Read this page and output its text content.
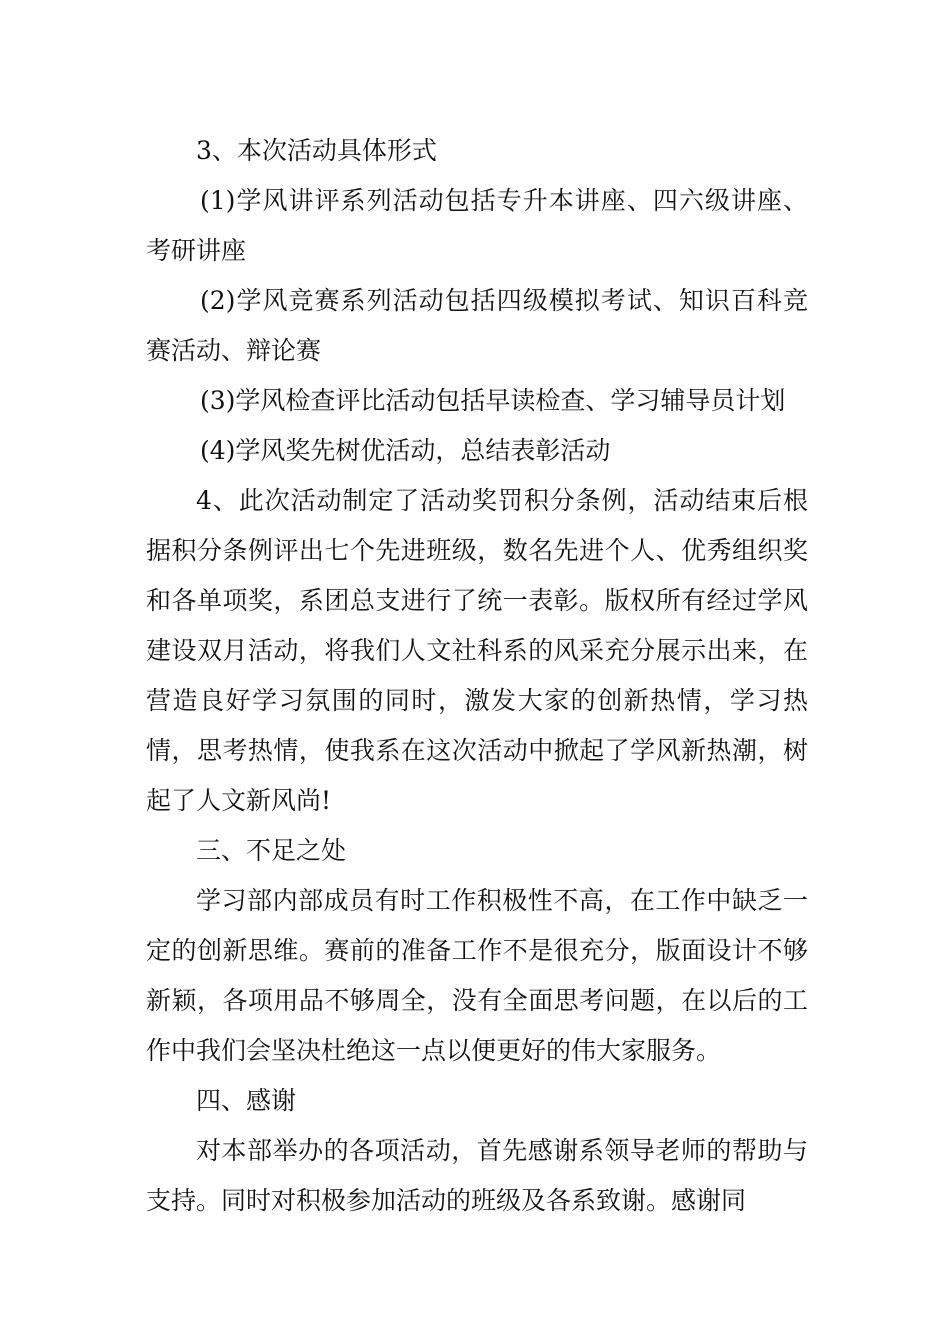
3、本次活动具体形式

(1)学风讲评系列活动包括专升本讲座、四六级讲座、考研讲座

(2)学风竞赛系列活动包括四级模拟考试、知识百科竞赛活动、辩论赛

(3)学风检查评比活动包括早读检查、学习辅导员计划

(4)学风奖先树优活动，总结表彰活动

4、此次活动制定了活动奖罚积分条例，活动结束后根据积分条例评出七个先进班级，数名先进个人、优秀组织奖和各单项奖，系团总支进行了统一表彰。版权所有经过学风建设双月活动，将我们人文社科系的风采充分展示出来，在营造良好学习氛围的同时，激发大家的创新热情，学习热情，思考热情，使我系在这次活动中掀起了学风新热潮，树起了人文新风尚!

三、不足之处

学习部内部成员有时工作积极性不高，在工作中缺乏一定的创新思维。赛前的准备工作不是很充分，版面设计不够新颖，各项用品不够周全，没有全面思考问题，在以后的工作中我们会坚决杜绝这一点以便更好的伟大家服务。

四、感谢

对本部举办的各项活动，首先感谢系领导老师的帮助与支持。同时对积极参加活动的班级及各系致谢。感谢同
